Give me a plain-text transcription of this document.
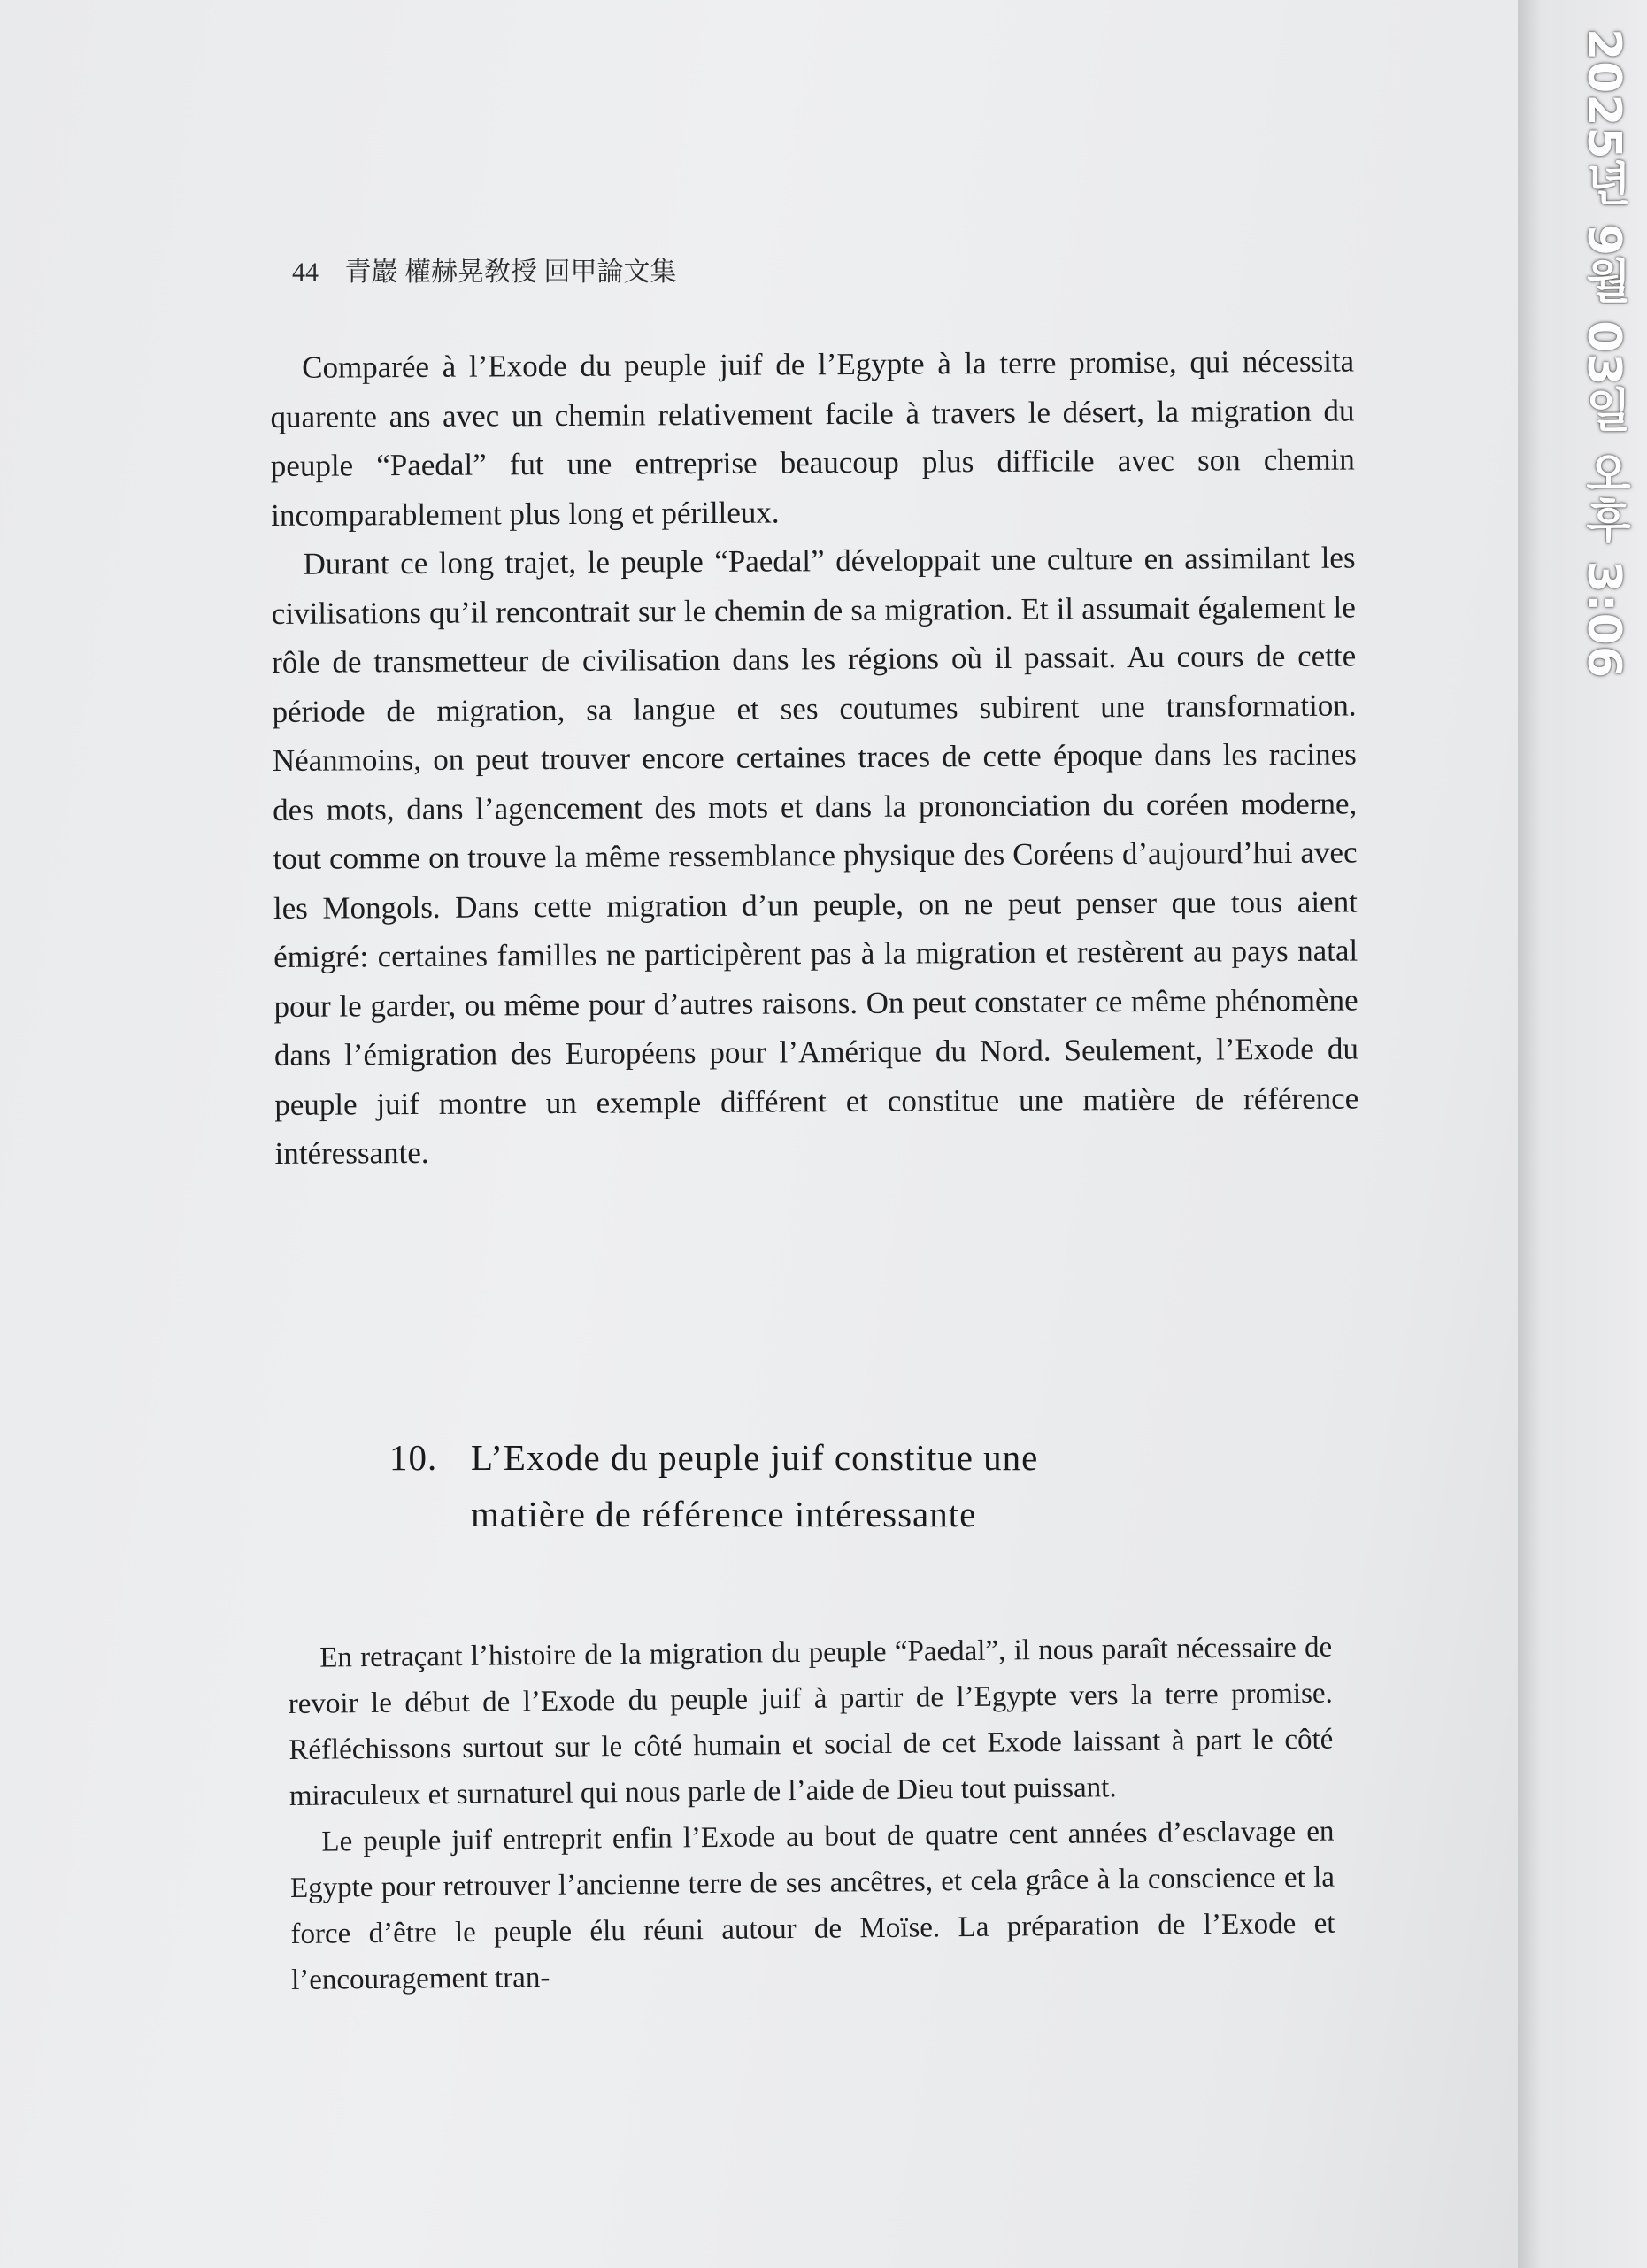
44 青巖 權赫晃敎授 回甲論文集

Comparée à l’Exode du peuple juif de l’Egypte à la terre promise, qui nécessita quarente ans avec un chemin relativement facile à travers le désert, la migration du peuple “Paedal” fut une entreprise beaucoup plus difficile avec son chemin incomparablement plus long et périlleux.

Durant ce long trajet, le peuple “Paedal” développait une culture en assimilant les civilisations qu’il rencontrait sur le chemin de sa migration. Et il assumait également le rôle de transmetteur de civilisation dans les régions où il passait. Au cours de cette période de migration, sa langue et ses coutumes subirent une transformation. Néanmoins, on peut trouver encore certaines traces de cette époque dans les racines des mots, dans l’agencement des mots et dans la prononciation du coréen moderne, tout comme on trouve la même ressemblance physique des Coréens d’aujourd’hui avec les Mongols. Dans cette migration d’un peuple, on ne peut penser que tous aient émigré: certaines familles ne participèrent pas à la migration et restèrent au pays natal pour le garder, ou même pour d’autres raisons. On peut constater ce même phénomène dans l’émigration des Européens pour l’Amérique du Nord. Seulement, l’Exode du peuple juif montre un exemple différent et constitue une matière de référence intéressante.

10. L’Exode du peuple juif constitue une
matière de référence intéressante

En retraçant l’histoire de la migration du peuple “Paedal”, il nous paraît nécessaire de revoir le début de l’Exode du peuple juif à partir de l’Egypte vers la terre promise. Réfléchissons surtout sur le côté humain et social de cet Exode laissant à part le côté miraculeux et surnaturel qui nous parle de l’aide de Dieu tout puissant.

Le peuple juif entreprit enfin l’Exode au bout de quatre cent années d’esclavage en Egypte pour retrouver l’ancienne terre de ses ancêtres, et cela grâce à la conscience et la force d’être le peuple élu réuni autour de Moïse. La préparation de l’Exode et l’encouragement tran-

2025년 9월 03일 오후 3:06
